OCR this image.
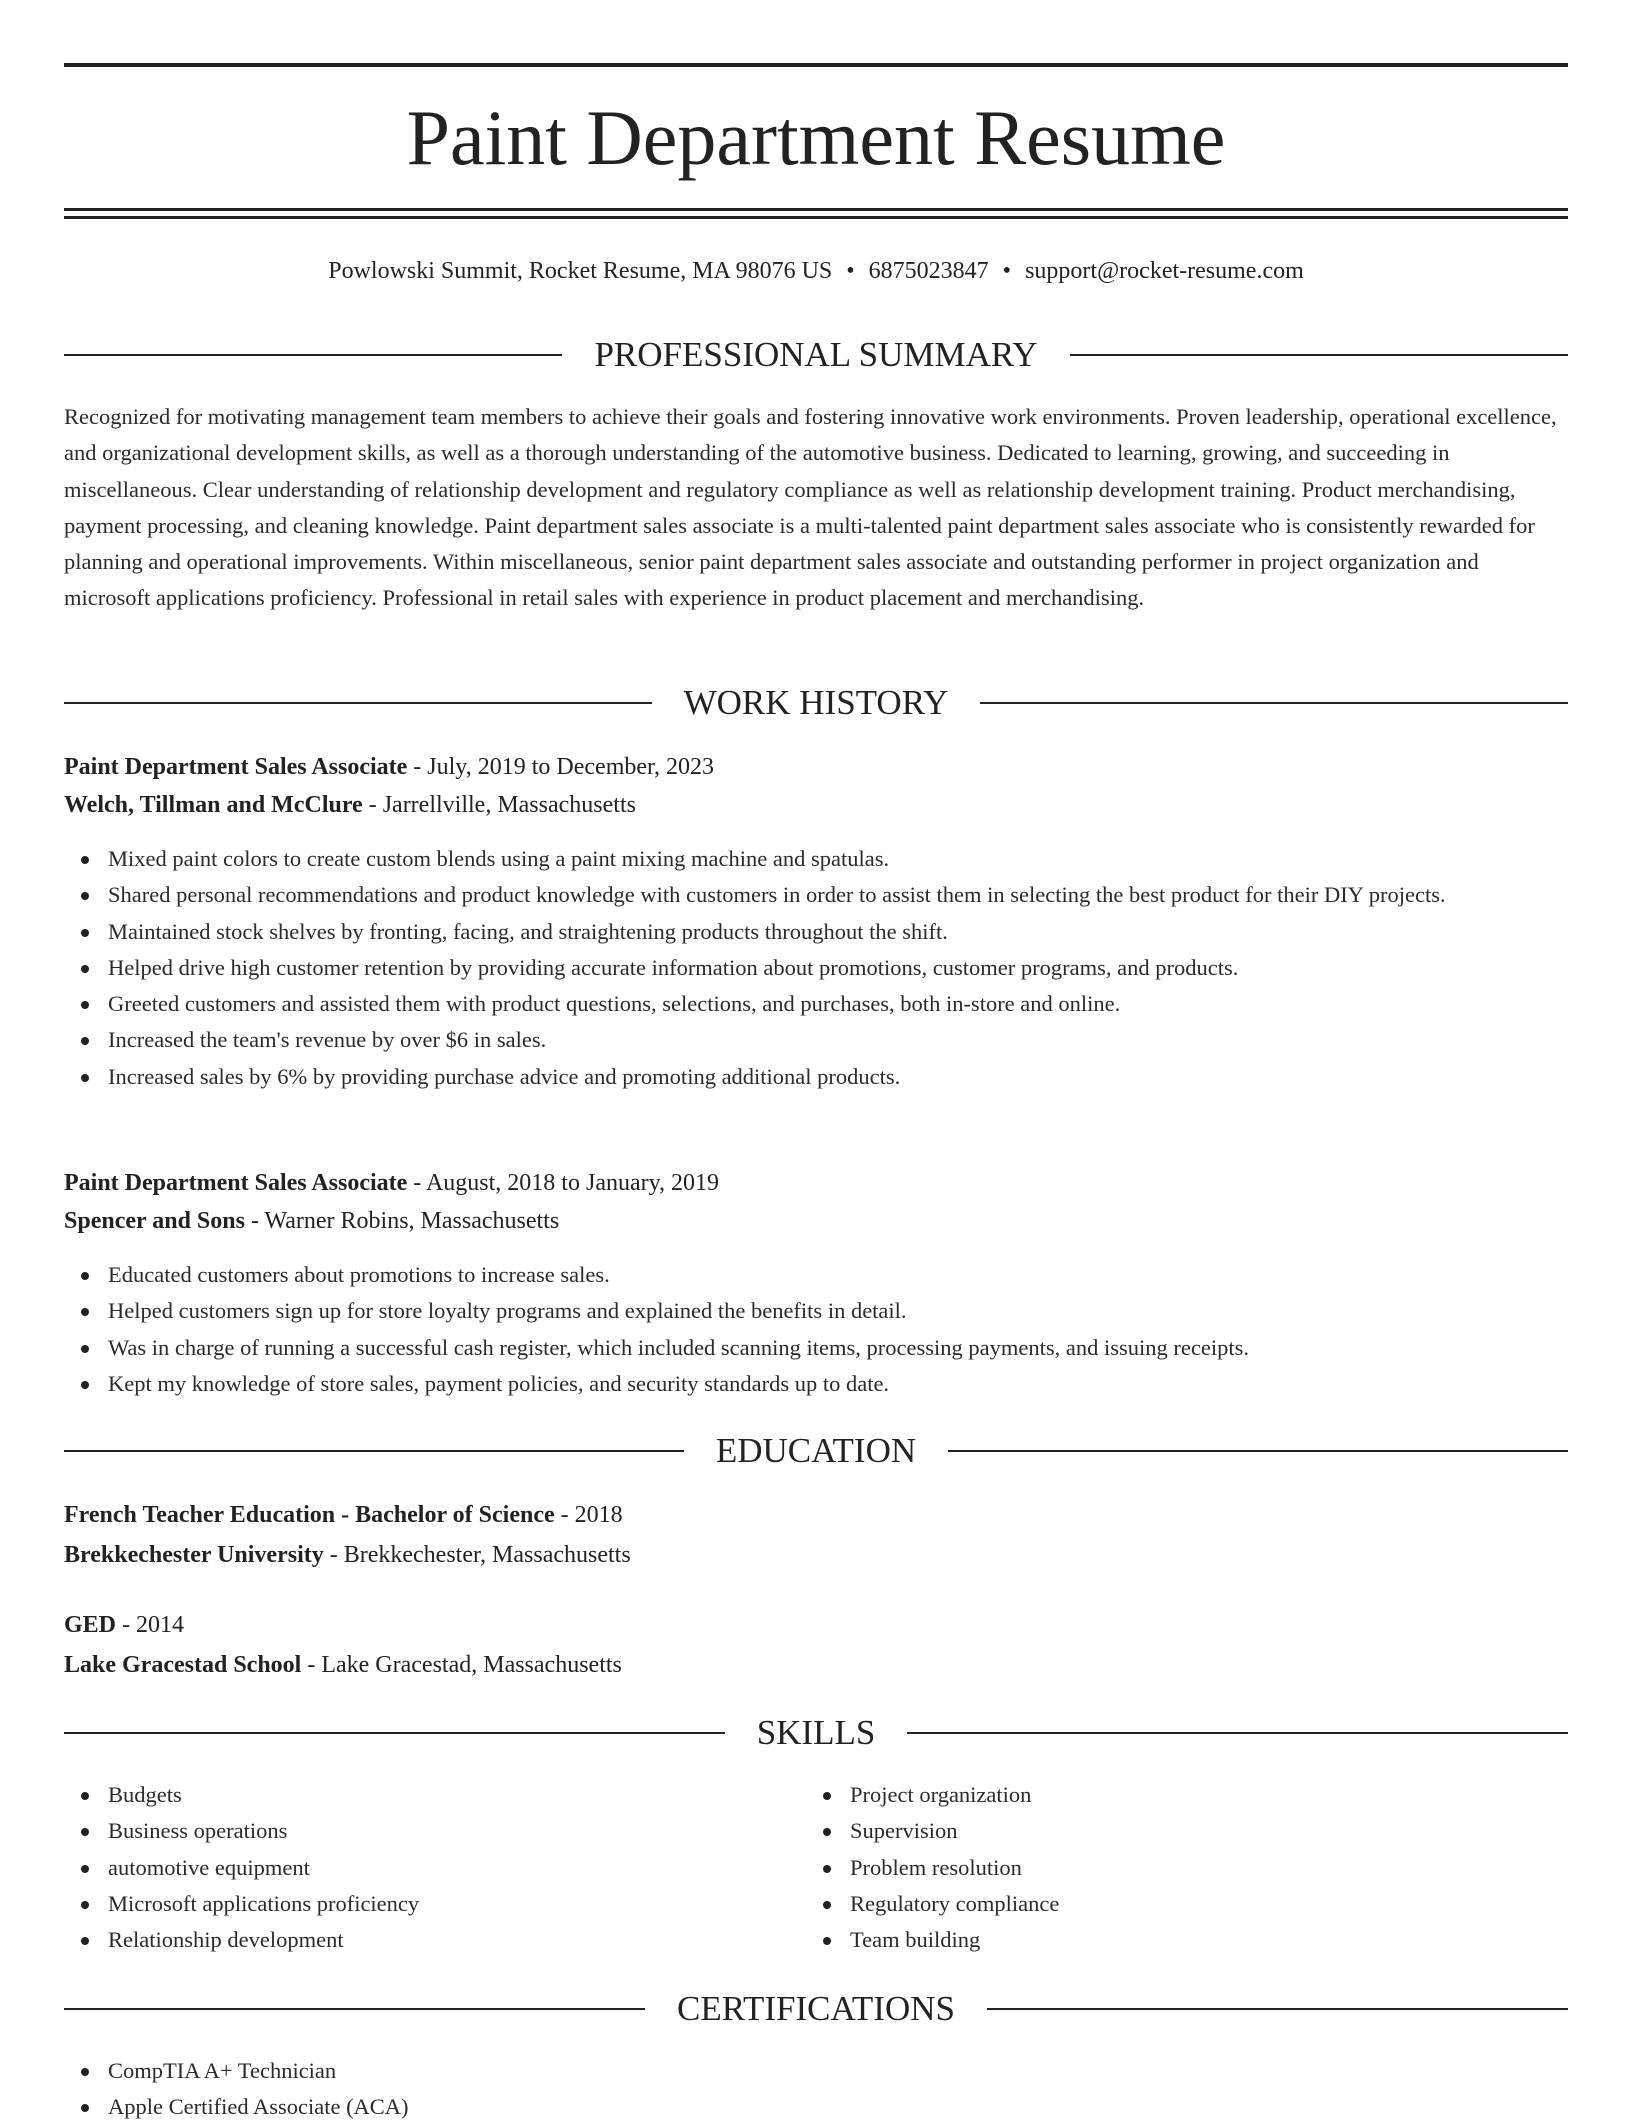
Paint Department Resume
Powlowski Summit, Rocket Resume, MA 98076 US • 6875023847 • support@rocket-resume.com
PROFESSIONAL SUMMARY

Recognized for motivating management team members to achieve their goals and fostering innovative work environments. Proven leadership, operational excellence, and organizational development skills, as well as a thorough understanding of the automotive business. Dedicated to learning, growing, and succeeding in miscellaneous. Clear understanding of relationship development and regulatory compliance as well as relationship development training. Product merchandising, payment processing, and cleaning knowledge. Paint department sales associate is a multi-talented paint department sales associate who is consistently rewarded for planning and operational improvements. Within miscellaneous, senior paint department sales associate and outstanding performer in project organization and microsoft applications proficiency. Professional in retail sales with experience in product placement and merchandising.

WORK HISTORY
Paint Department Sales Associate - July, 2019 to December, 2023
Welch, Tillman and McClure - Jarrellville, Massachusetts
Mixed paint colors to create custom blends using a paint mixing machine and spatulas.
Shared personal recommendations and product knowledge with customers in order to assist them in selecting the best product for their DIY projects.
Maintained stock shelves by fronting, facing, and straightening products throughout the shift.
Helped drive high customer retention by providing accurate information about promotions, customer programs, and products.
Greeted customers and assisted them with product questions, selections, and purchases, both in-store and online.
Increased the team's revenue by over $6 in sales.
Increased sales by 6% by providing purchase advice and promoting additional products.
Paint Department Sales Associate - August, 2018 to January, 2019
Spencer and Sons - Warner Robins, Massachusetts
Educated customers about promotions to increase sales.
Helped customers sign up for store loyalty programs and explained the benefits in detail.
Was in charge of running a successful cash register, which included scanning items, processing payments, and issuing receipts.
Kept my knowledge of store sales, payment policies, and security standards up to date.
EDUCATION
French Teacher Education - Bachelor of Science - 2018
Brekkechester University - Brekkechester, Massachusetts
GED - 2014
Lake Gracestad School - Lake Gracestad, Massachusetts
SKILLS
Budgets
Business operations
automotive equipment
Microsoft applications proficiency
Relationship development
Project organization
Supervision
Problem resolution
Regulatory compliance
Team building
CERTIFICATIONS
CompTIA A+ Technician
Apple Certified Associate (ACA)
